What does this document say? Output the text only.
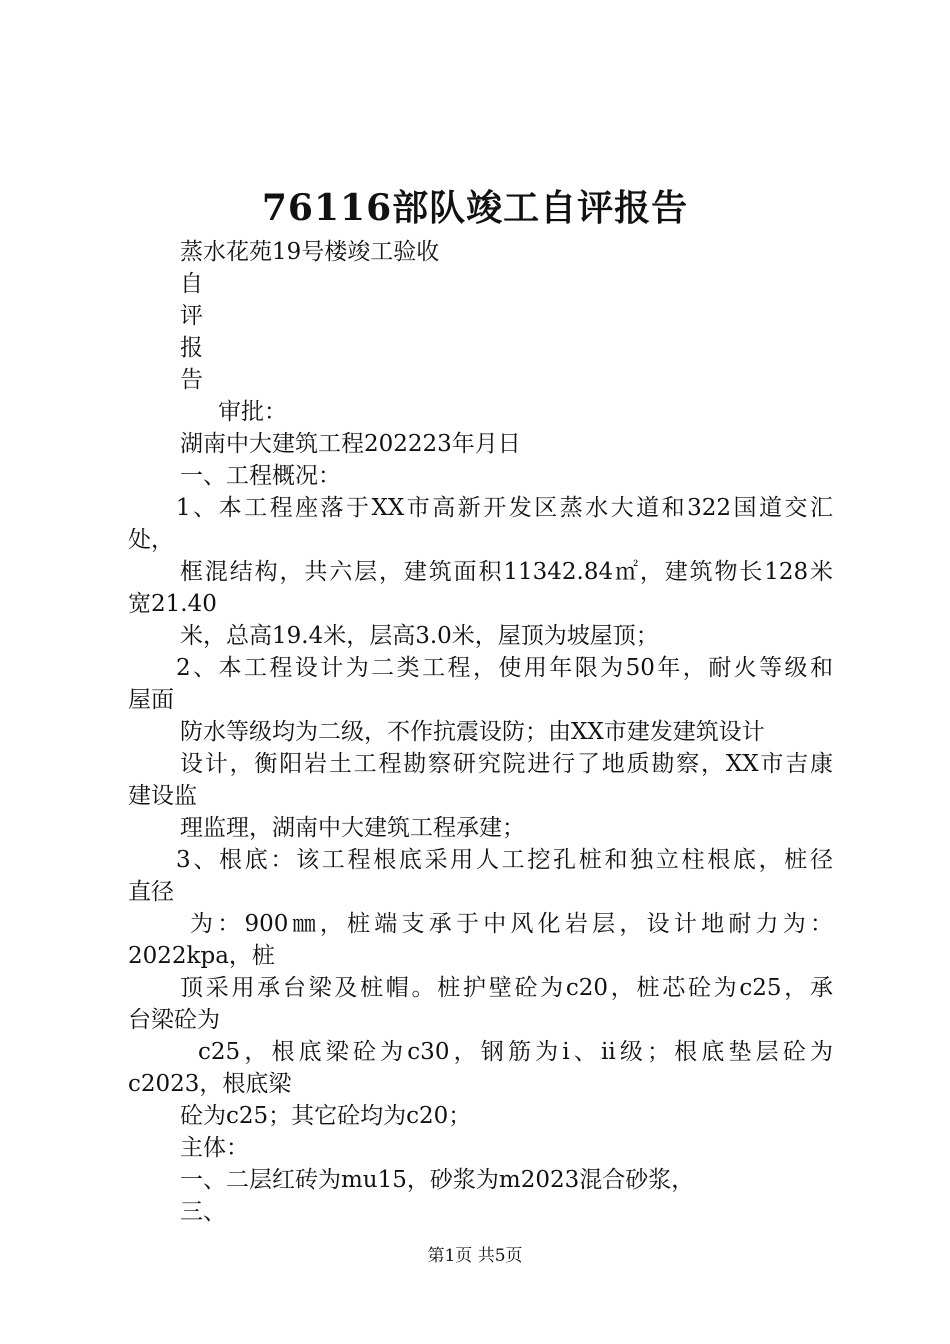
76116部队竣工自评报告
蒸水花苑19号楼竣工验收
自
评
报
告
审批：
湖南中大建筑工程202223年月日
一、工程概况：
1、本工程座落于XX市高新开发区蒸水大道和322国道交汇
处，
框混结构，共六层，建筑面积11342.84㎡，建筑物长128米
宽21.40
米，总高19.4米，层高3.0米，屋顶为坡屋顶；
2、本工程设计为二类工程，使用年限为50年，耐火等级和
屋面
防水等级均为二级，不作抗震设防；由XX市建发建筑设计
设计，衡阳岩土工程勘察研究院进行了地质勘察，XX市吉康
建设监
理监理，湖南中大建筑工程承建；
3、根底：该工程根底采用人工挖孔桩和独立柱根底，桩径
直径
为：900㎜，桩端支承于中风化岩层，设计地耐力为：
2022kpa，桩
顶采用承台梁及桩帽。桩护壁砼为c20，桩芯砼为c25，承
台梁砼为
c25，根底梁砼为c30，钢筋为i、ii级；根底垫层砼为
c2023，根底梁
砼为c25；其它砼均为c20；
主体：
一、二层红砖为mu15，砂浆为m2023混合砂浆，
三、
第1页 共5页
